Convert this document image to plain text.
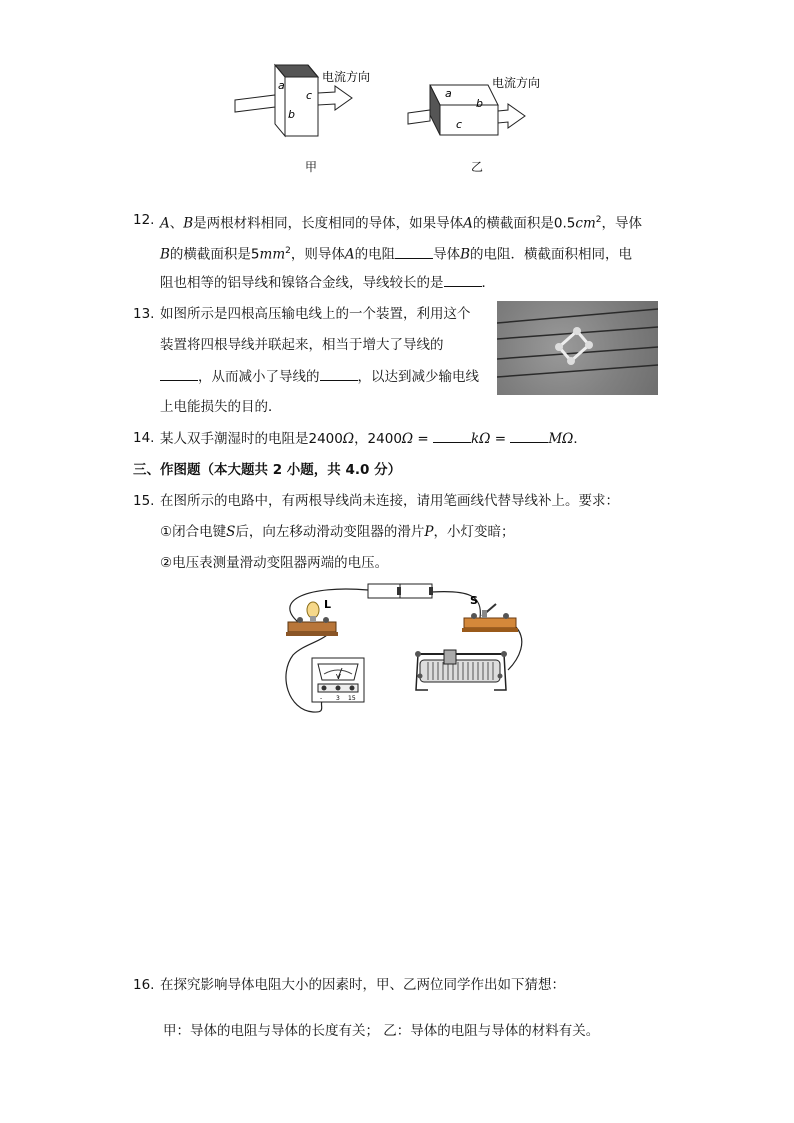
a
b
c
电流方向
a
b
c
电流方向
甲	乙
12. A、B是两根材料相同，长度相同的导体，如果导体A的横截面积是$0.5cm^2$，导体
B的横截面积是$5mm^2$，则导体A的电阻	导体B的电阻．横截面积相同，电
阻也相等的铝导线和镍铬合金线，导线较长的是	．
13. 如图所示是四根高压输电线上的一个装置，利用这个
装置将四根导线并联起来，相当于增大了导线的
，从而减小了导线的	，以达到减少输电线
上电能损失的目的．
14. 某人双手潮湿时的电阻是2400Ω，2400Ω =	kΩ =	MΩ．
三、作图题（本大题共 2 小题，共 4.0 分）
15. 在图所示的电路中，有两根导线尚未连接，请用笔画线代替导线补上。要求：
①闭合电键S后，向左移动滑动变阻器的滑片P，小灯变暗；
②电压表测量滑动变阻器两端的电压。
L	S
V
- 3 15
16. 在探究影响导体电阻大小的因素时，甲、乙两位同学作出如下猜想：
甲：导体的电阻与导体的长度有关； 乙：导体的电阻与导体的材料有关。
